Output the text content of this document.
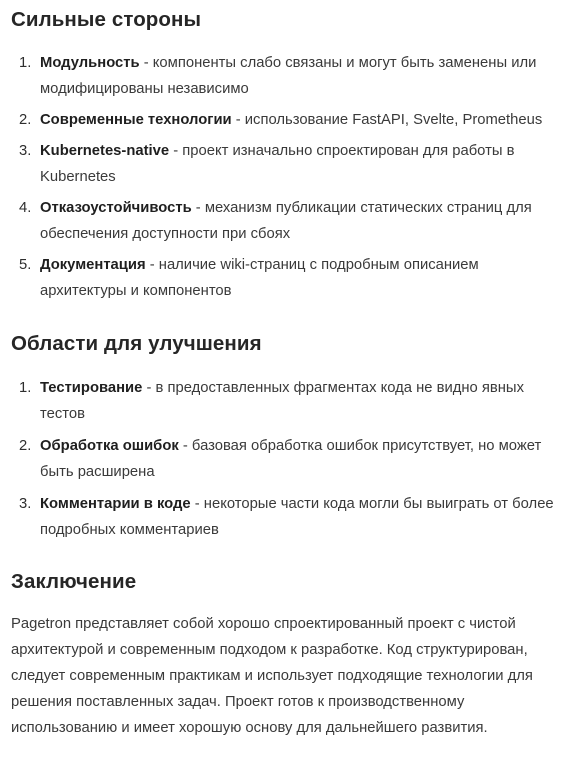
Сильные стороны
1. Модульность - компоненты слабо связаны и могут быть заменены или модифицированы независимо
2. Современные технологии - использование FastAPI, Svelte, Prometheus
3. Kubernetes-native - проект изначально спроектирован для работы в Kubernetes
4. Отказоустойчивость - механизм публикации статических страниц для обеспечения доступности при сбоях
5. Документация - наличие wiki-страниц с подробным описанием архитектуры и компонентов
Области для улучшения
1. Тестирование - в предоставленных фрагментах кода не видно явных тестов
2. Обработка ошибок - базовая обработка ошибок присутствует, но может быть расширена
3. Комментарии в коде - некоторые части кода могли бы выиграть от более подробных комментариев
Заключение

Pagetron представляет собой хорошо спроектированный проект с чистой архитектурой и современным подходом к разработке. Код структурирован, следует современным практикам и использует подходящие технологии для решения поставленных задач. Проект готов к производственному использованию и имеет хорошую основу для дальнейшего развития.
